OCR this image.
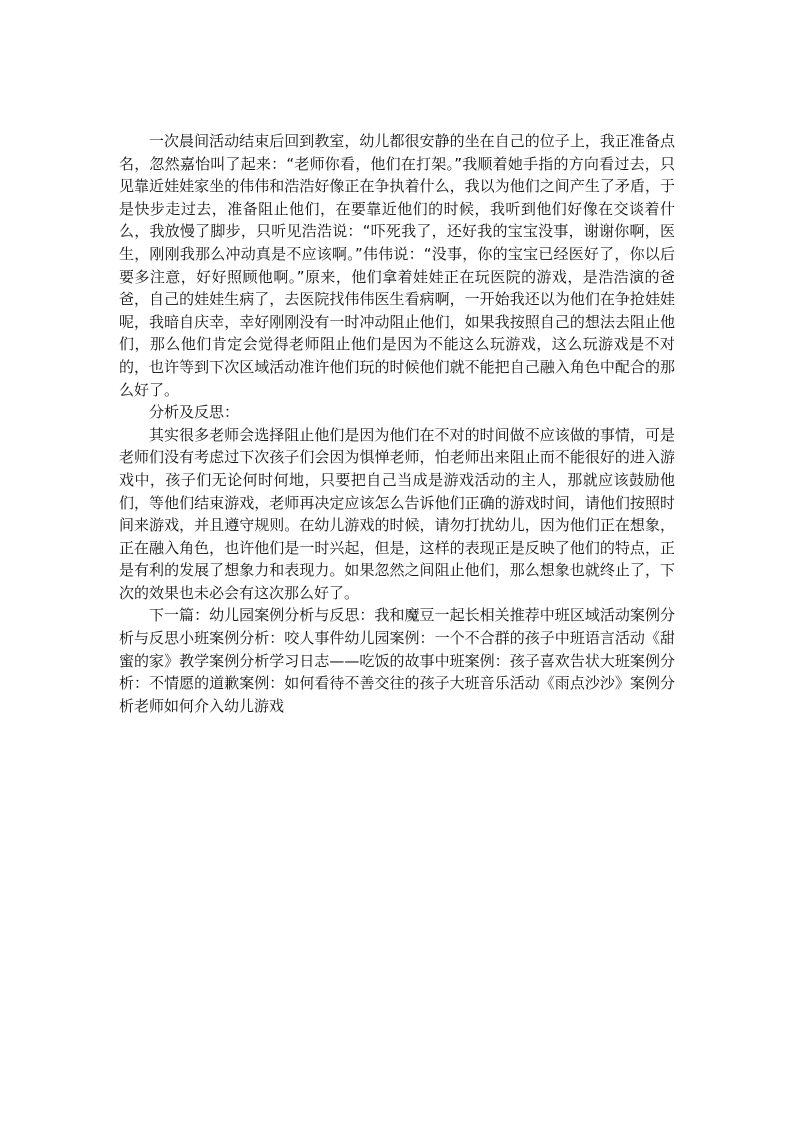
一次晨间活动结束后回到教室，幼儿都很安静的坐在自己的位子上，我正准备点名，忽然嘉怡叫了起来：“老师你看，他们在打架。”我顺着她手指的方向看过去，只见靠近娃娃家坐的伟伟和浩浩好像正在争执着什么，我以为他们之间产生了矛盾，于是快步走过去，准备阻止他们，在要靠近他们的时候，我听到他们好像在交谈着什么，我放慢了脚步，只听见浩浩说：“吓死我了，还好我的宝宝没事，谢谢你啊，医生，刚刚我那么冲动真是不应该啊。”伟伟说：“没事，你的宝宝已经医好了，你以后要多注意，好好照顾他啊。”原来，他们拿着娃娃正在玩医院的游戏，是浩浩演的爸爸，自己的娃娃生病了，去医院找伟伟医生看病啊，一开始我还以为他们在争抢娃娃呢，我暗自庆幸，幸好刚刚没有一时冲动阻止他们，如果我按照自己的想法去阻止他们，那么他们肯定会觉得老师阻止他们是因为不能这么玩游戏，这么玩游戏是不对的，也许等到下次区域活动准许他们玩的时候他们就不能把自己融入角色中配合的那么好了。

分析及反思：

其实很多老师会选择阻止他们是因为他们在不对的时间做不应该做的事情，可是老师们没有考虑过下次孩子们会因为惧惮老师，怕老师出来阻止而不能很好的进入游戏中，孩子们无论何时何地，只要把自己当成是游戏活动的主人，那就应该鼓励他们，等他们结束游戏，老师再决定应该怎么告诉他们正确的游戏时间，请他们按照时间来游戏，并且遵守规则。在幼儿游戏的时候，请勿打扰幼儿，因为他们正在想象，正在融入角色，也许他们是一时兴起，但是，这样的表现正是反映了他们的特点，正是有利的发展了想象力和表现力。如果忽然之间阻止他们，那么想象也就终止了，下次的效果也未必会有这次那么好了。

下一篇：幼儿园案例分析与反思：我和魔豆一起长相关推荐中班区域活动案例分析与反思小班案例分析：咬人事件幼儿园案例：一个不合群的孩子中班语言活动《甜蜜的家》教学案例分析学习日志——吃饭的故事中班案例：孩子喜欢告状大班案例分析：不情愿的道歉案例：如何看待不善交往的孩子大班音乐活动《雨点沙沙》案例分析老师如何介入幼儿游戏
